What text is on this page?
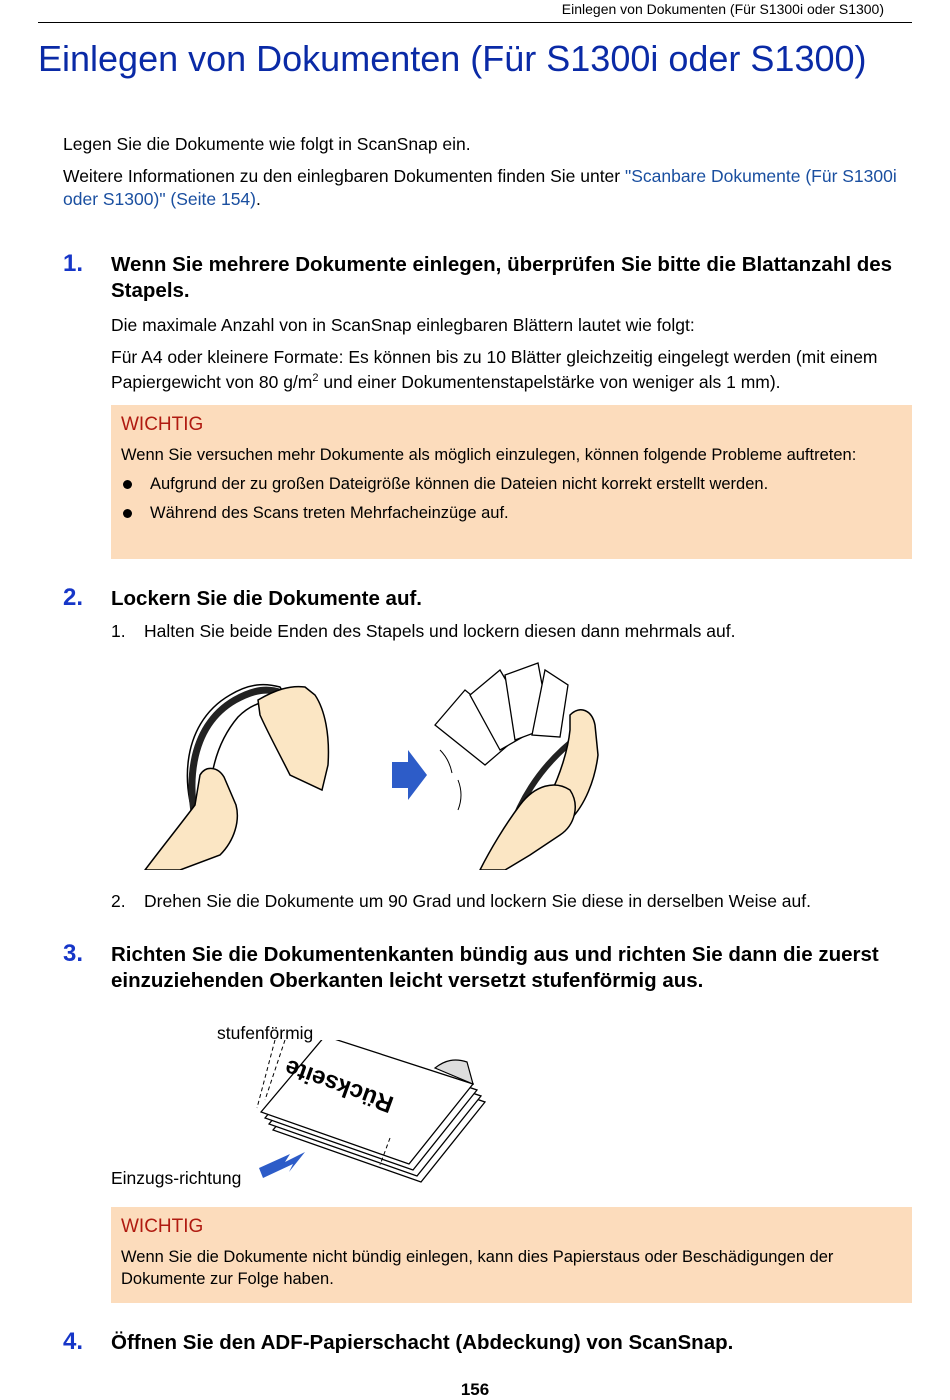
Einlegen von Dokumenten (Für S1300i oder S1300)
Einlegen von Dokumenten (Für S1300i oder S1300)
Legen Sie die Dokumente wie folgt in ScanSnap ein.
Weitere Informationen zu den einlegbaren Dokumenten finden Sie unter "Scanbare Dokumente (Für S1300i oder S1300)" (Seite 154).
1. Wenn Sie mehrere Dokumente einlegen, überprüfen Sie bitte die Blattanzahl des Stapels.
Die maximale Anzahl von in ScanSnap einlegbaren Blättern lautet wie folgt:
Für A4 oder kleinere Formate: Es können bis zu 10 Blätter gleichzeitig eingelegt werden (mit einem Papiergewicht von 80 $g/m^2$ und einer Dokumentenstapelstärke von weniger als 1 mm).
WICHTIG
Wenn Sie versuchen mehr Dokumente als möglich einzulegen, können folgende Probleme auftreten:
Aufgrund der zu großen Dateigröße können die Dateien nicht korrekt erstellt werden.
Während des Scans treten Mehrfacheinzüge auf.
2. Lockern Sie die Dokumente auf.
1. Halten Sie beide Enden des Stapels und lockern diesen dann mehrmals auf.
2. Drehen Sie die Dokumente um 90 Grad und lockern Sie diese in derselben Weise auf.
3. Richten Sie die Dokumentenkanten bündig aus und richten Sie dann die zuerst einzuziehenden Oberkanten leicht versetzt stufenförmig aus.
stufenförmig
Einzugs-richtung
Rückseite
WICHTIG
Wenn Sie die Dokumente nicht bündig einlegen, kann dies Papierstaus oder Beschädigungen der Dokumente zur Folge haben.
4. Öffnen Sie den ADF-Papierschacht (Abdeckung) von ScanSnap.
156
